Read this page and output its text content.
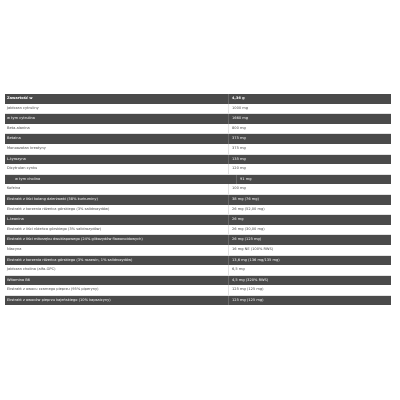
Zawartość w	4,36 g
Jabłczan cytruliny	1000 mg
w tym cytrulina	1660 mg
Beta-alanina	800 mg
Betaina	375 mg
Monoazotan kreatyny	375 mg
L-tyrozyna	135 mg
Dicytrulan cynku	120 mg
w tym cholina	91 mg
Kofeina	100 mg
Ekstrakt z liści kolang dzierżawki (58% kurkuminy)	38 mg (76 mg)
Ekstrakt z korzenia różeńca górskiego (3% salidrozydów)	26 mg (52,00 mg)
L-teanina	26 mg
Ekstrakt z liści różeńca górskiego (3% salidrozydów)	26 mg (30,00 mg)
Ekstrakt z liści miłorzębu dwuklapowego (24% glikozydów flawonoidowych)	26 mg (125 mg)
Niacyna	16 mg NE (100% RWS)
Ekstrakt z korzenia różeńca górskiego (3% rozawin, 1% salidrozydów)	13,6 mg (136 mg/135 mg)
Jabłczan cholina (alfa-GPC)	6,5 mg
Witamina B6	4,5 mg (320% RWS)
Ekstrakt z owocu czarnego pieprzu (95% piperyny)	125 mg (125 mg)
Ekstrakt z owoców pieprzu kajeńskiego (10% kapsaicyny)	125 mg (125 mg)
